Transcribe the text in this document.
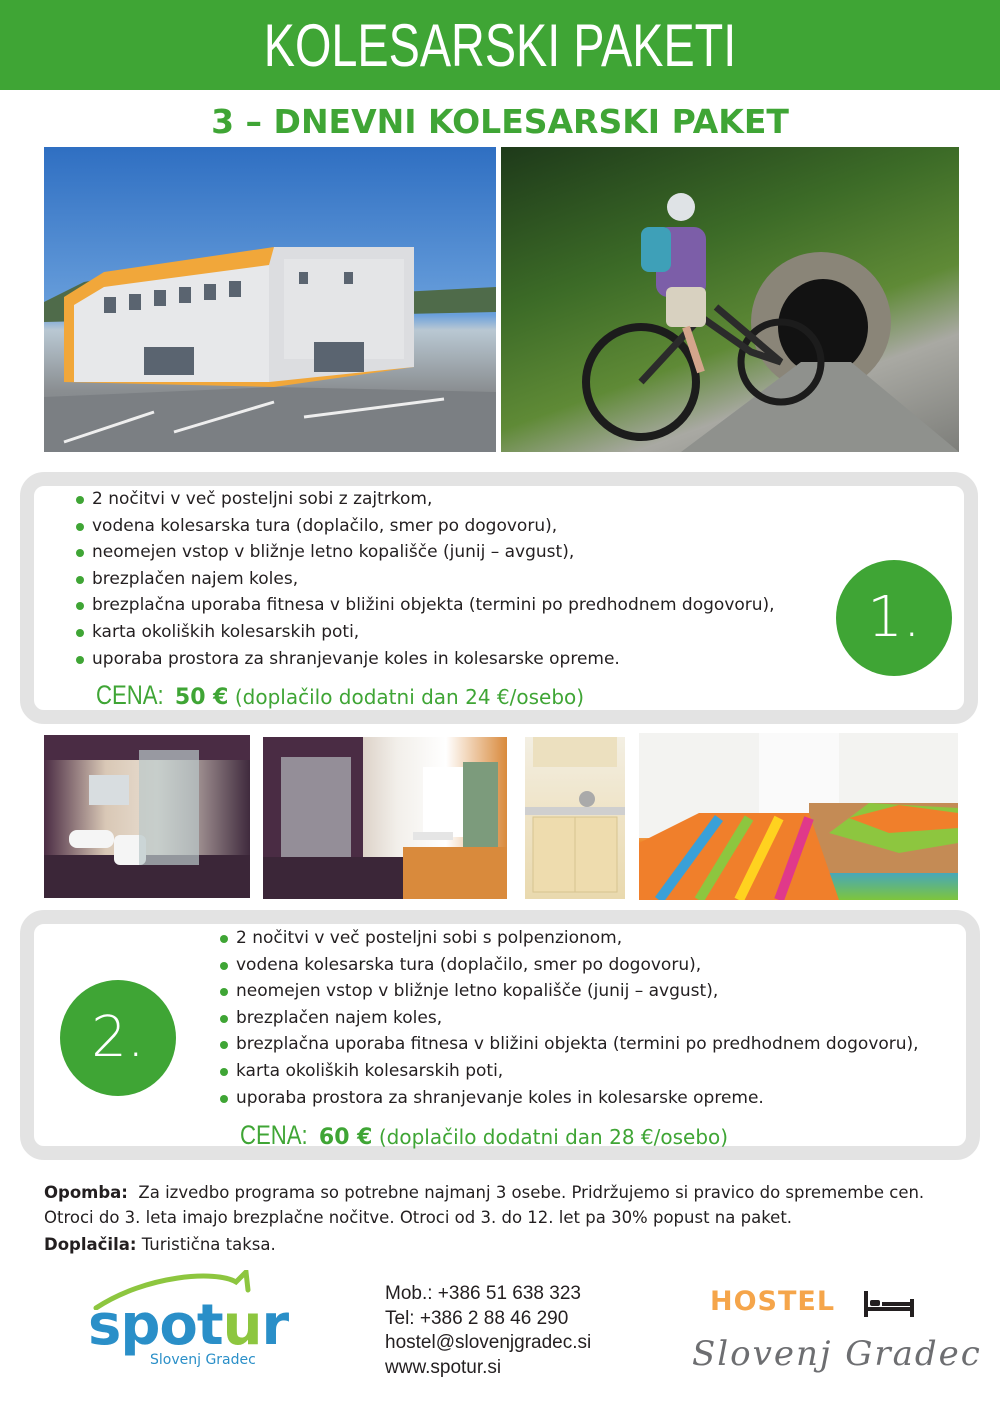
KOLESARSKI PAKETI
3 – DNEVNI KOLESARSKI PAKET
2 nočitvi v več posteljni sobi z zajtrkom,
vodena kolesarska tura (doplačilo, smer po dogovoru),
neomejen vstop v bližnje letno kopališče (junij – avgust),
brezplačen najem koles,
brezplačna uporaba fitnesa v bližini objekta (termini po predhodnem dogovoru),
karta okoliških kolesarskih poti,
uporaba prostora za shranjevanje koles in kolesarske opreme.
CENA: 50 € (doplačilo dodatni dan 24 €/osebo)
1.
2.
2 nočitvi v več posteljni sobi s polpenzionom,
vodena kolesarska tura (doplačilo, smer po dogovoru),
neomejen vstop v bližnje letno kopališče (junij – avgust),
brezplačen najem koles,
brezplačna uporaba fitnesa v bližini objekta (termini po predhodnem dogovoru),
karta okoliških kolesarskih poti,
uporaba prostora za shranjevanje koles in kolesarske opreme.
CENA: 60 € (doplačilo dodatni dan 28 €/osebo)
Opomba: Za izvedbo programa so potrebne najmanj 3 osebe. Pridržujemo si pravico do spremembe cen.
Otroci do 3. leta imajo brezplačne nočitve. Otroci od 3. do 12. let pa 30% popust na paket.
Doplačila: Turistična taksa.
spotur
Slovenj Gradec
Mob.: +386 51 638 323
Tel: +386 2 88 46 290
hostel@slovenjgradec.si
www.spotur.si
HOSTEL
Slovenj Gradec
